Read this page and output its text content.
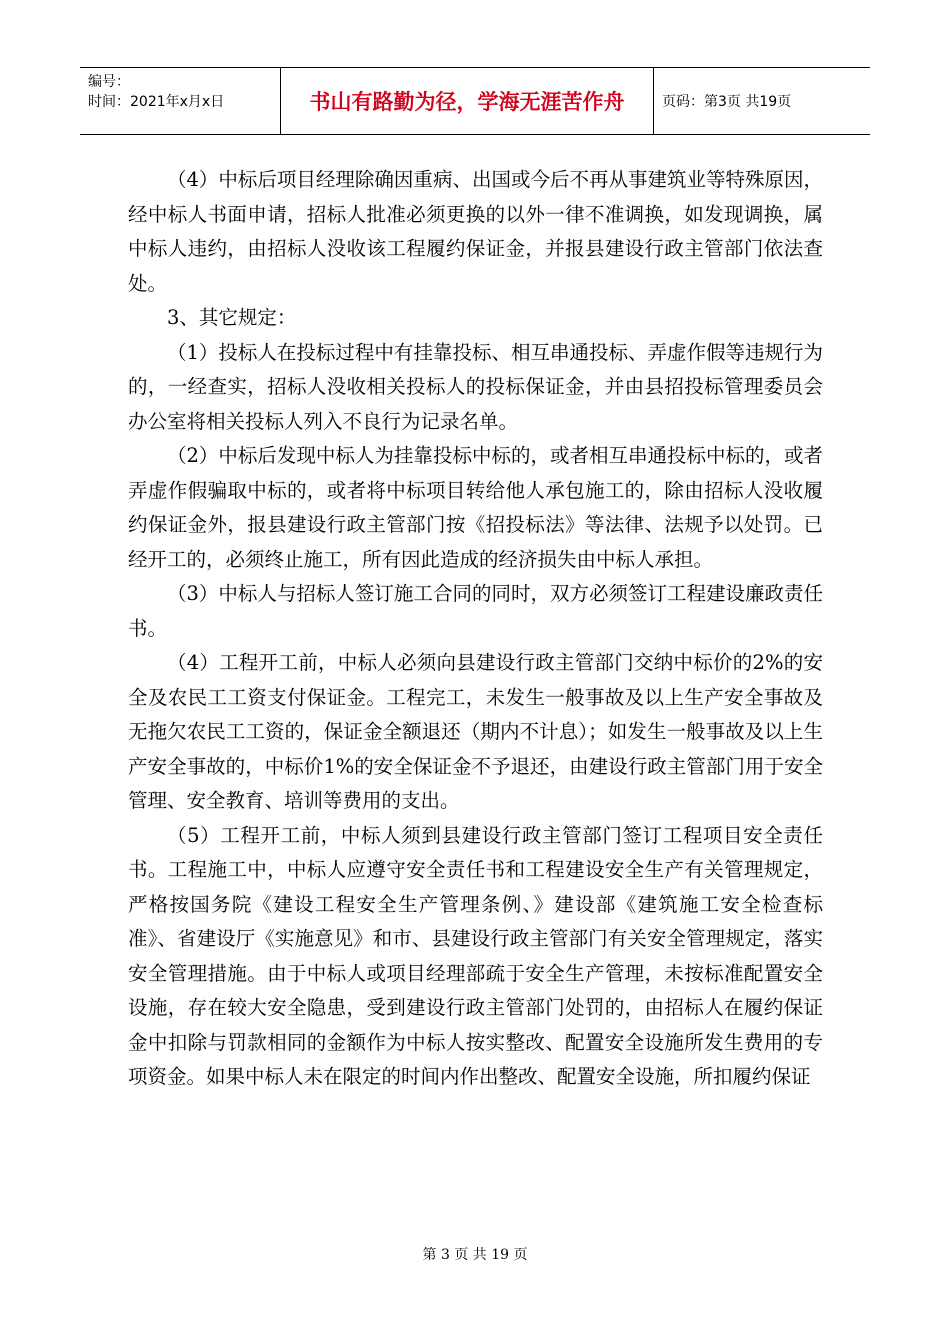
编号：
时间：2021年x月x日	书山有路勤为径，学海无涯苦作舟	页码：第3页 共19页

（4）中标后项目经理除确因重病、出国或今后不再从事建筑业等特殊原因，经中标人书面申请，招标人批准必须更换的以外一律不准调换，如发现调换，属中标人违约，由招标人没收该工程履约保证金，并报县建设行政主管部门依法查处。

3、其它规定：

（1）投标人在投标过程中有挂靠投标、相互串通投标、弄虚作假等违规行为的，一经查实，招标人没收相关投标人的投标保证金，并由县招投标管理委员会办公室将相关投标人列入不良行为记录名单。

（2）中标后发现中标人为挂靠投标中标的，或者相互串通投标中标的，或者弄虚作假骗取中标的，或者将中标项目转给他人承包施工的，除由招标人没收履约保证金外，报县建设行政主管部门按《招投标法》等法律、法规予以处罚。已经开工的，必须终止施工，所有因此造成的经济损失由中标人承担。

（3）中标人与招标人签订施工合同的同时，双方必须签订工程建设廉政责任书。

（4）工程开工前，中标人必须向县建设行政主管部门交纳中标价的2%的安全及农民工工资支付保证金。工程完工，未发生一般事故及以上生产安全事故及无拖欠农民工工资的，保证金全额退还（期内不计息）；如发生一般事故及以上生产安全事故的，中标价1%的安全保证金不予退还，由建设行政主管部门用于安全管理、安全教育、培训等费用的支出。

（5）工程开工前，中标人须到县建设行政主管部门签订工程项目安全责任书。工程施工中，中标人应遵守安全责任书和工程建设安全生产有关管理规定，严格按国务院《建设工程安全生产管理条例、》建设部《建筑施工安全检查标准》、省建设厅《实施意见》和市、县建设行政主管部门有关安全管理规定，落实安全管理措施。由于中标人或项目经理部疏于安全生产管理，未按标准配置安全设施，存在较大安全隐患，受到建设行政主管部门处罚的，由招标人在履约保证金中扣除与罚款相同的金额作为中标人按实整改、配置安全设施所发生费用的专项资金。如果中标人未在限定的时间内作出整改、配置安全设施，所扣履约保证

第 3 页 共 19 页
